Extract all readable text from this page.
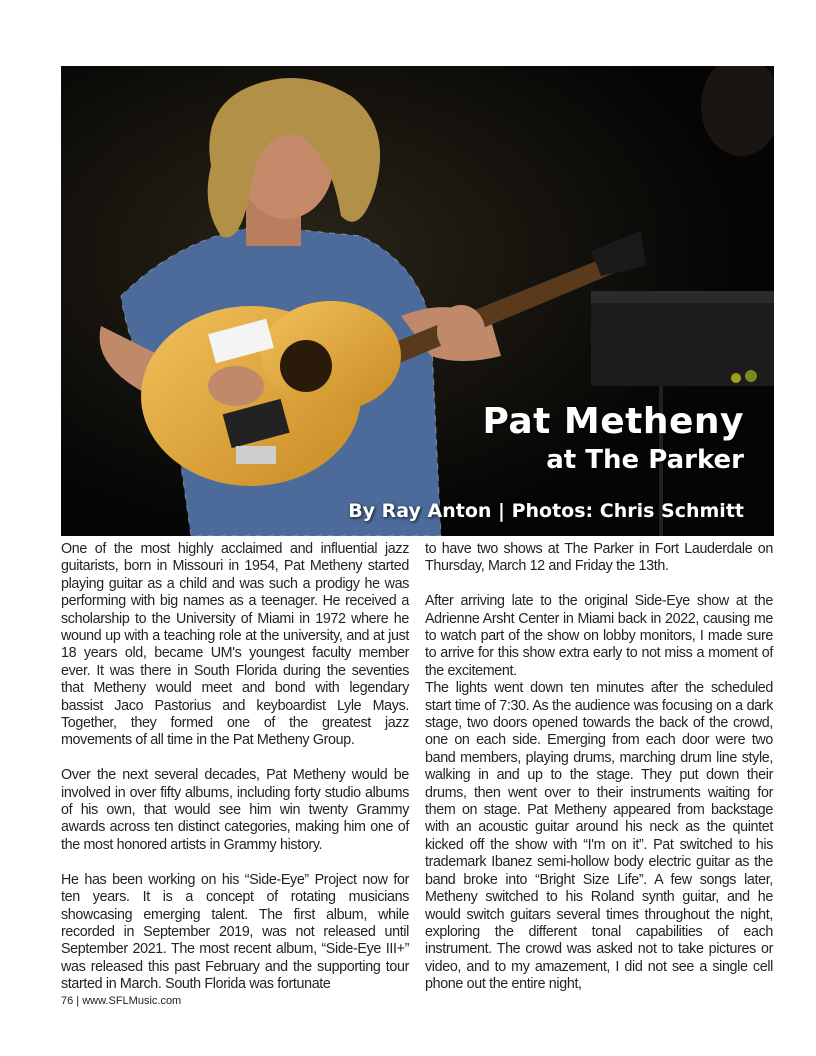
Pat Metheny
at The Parker
By Ray Anton | Photos: Chris Schmitt

One of the most highly acclaimed and influential jazz guitarists, born in Missouri in 1954, Pat Metheny started playing guitar as a child and was such a prodigy he was performing with big names as a teenager. He received a scholarship to the University of Miami in 1972 where he wound up with a teaching role at the university, and at just 18 years old, became UM's youngest faculty member ever. It was there in South Florida during the seventies that Metheny would meet and bond with legendary bassist Jaco Pastorius and keyboardist Lyle Mays. Together, they formed one of the greatest jazz movements of all time in the Pat Metheny Group.

Over the next several decades, Pat Metheny would be involved in over fifty albums, including forty studio albums of his own, that would see him win twenty Grammy awards across ten distinct categories, making him one of the most honored artists in Grammy history.

He has been working on his “Side-Eye” Project now for ten years. It is a concept of rotating musicians showcasing emerging talent. The first album, while recorded in September 2019, was not released until September 2021. The most recent album, “Side-Eye III+” was released this past February and the supporting tour started in March. South Florida was fortunate

to have two shows at The Parker in Fort Lauderdale on Thursday, March 12 and Friday the 13th.

After arriving late to the original Side-Eye show at the Adrienne Arsht Center in Miami back in 2022, causing me to watch part of the show on lobby monitors, I made sure to arrive for this show extra early to not miss a moment of the excitement.

The lights went down ten minutes after the scheduled start time of 7:30. As the audience was focusing on a dark stage, two doors opened towards the back of the crowd, one on each side. Emerging from each door were two band members, playing drums, marching drum line style, walking in and up to the stage. They put down their drums, then went over to their instruments waiting for them on stage. Pat Metheny appeared from backstage with an acoustic guitar around his neck as the quintet kicked off the show with “I'm on it”. Pat switched to his trademark Ibanez semi-hollow body electric guitar as the band broke into “Bright Size Life”. A few songs later, Metheny switched to his Roland synth guitar, and he would switch guitars several times throughout the night, exploring the different tonal capabilities of each instrument. The crowd was asked not to take pictures or video, and to my amazement, I did not see a single cell phone out the entire night,

76 | www.SFLMusic.com
